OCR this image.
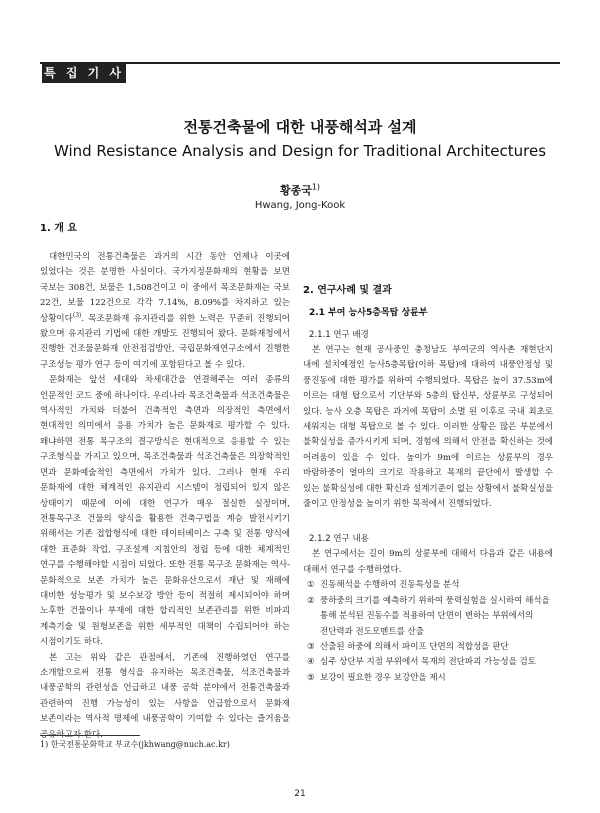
특 집 기 사
전통건축물에 대한 내풍해석과 설계
Wind Resistance Analysis and Design for Traditional Architectures
황종국$^{1)}$
Hwang, Jong-Kook
1. 개 요

대한민국의 전통건축물은 과거의 시간 동안 언제나 이곳에 있었다는 것은 분명한 사실이다. 국가지정문화재의 현황을 보면 국보는 308건, 보물은 1,508건이고 이 중에서 목조문화재는 국보 22건, 보물 122건으로 각각 7.14%, 8.09%를 차지하고 있는 상황이다$^{(3)}$. 목조문화재 유지관리를 위한 노력은 꾸준히 진행되어 왔으며 유지관리 기법에 대한 개발도 진행되어 왔다. 문화재청에서 진행한 건조물문화재 안전점검방안, 국립문화재연구소에서 진행한 구조성능 평가 연구 등이 여기에 포함된다고 볼 수 있다.

문화재는 앞선 세대와 차세대간을 연결해주는 여러 종류의 인문적인 코드 중에 하나이다. 우리나라 목조건축물과 석조건축물은 역사적인 가치와 더불어 건축적인 측면과 의장적인 측면에서 현대적인 의미에서 응용 가치가 높은 문화재로 평가할 수 있다. 왜냐하면 전통 목구조의 결구방식은 현대적으로 응용할 수 있는 구조형식을 가지고 있으며, 목조건축물과 석조건축물은 의장학적인 면과 문화예술적인 측면에서 가치가 있다. 그러나 현재 우리 문화재에 대한 체계적인 유지관리 시스템이 정립되어 있지 않은 상태이기 때문에 이에 대한 연구가 매우 절실한 실정이며, 전통목구조 건물의 양식을 활용한 건축구법을 계승 발전시키기 위해서는 기존 접합형식에 대한 데이터베이스 구축 및 전통 양식에 대한 표준화 작업, 구조설계 지침안의 정립 등에 대한 체계적인 연구를 수행해야할 시점이 되었다. 또한 전통 목구조 문화재는 역사-문화적으로 보존 가치가 높은 문화유산으로서 재난 및 재해에 대비한 성능평가 및 보수보강 방안 등이 적절히 제시되어야 하며 노후한 건물이나 부재에 대한 합리적인 보존관리를 위한 비파괴 계측기술 및 원형보존을 위한 세부적인 대책이 수립되어야 하는 시점이기도 하다.

본 고는 위와 같은 관점에서, 기존에 진행하였던 연구를 소개함으로써 전통 형식을 유지하는 목조건축물, 석조건축물과 내풍공학의 관련성을 언급하고 내풍 공학 분야에서 전통건축물과 관련하여 진행 가능성이 있는 사항을 언급함으로서 문화재 보존이라는 역사적 명제에 내풍공학이 기여할 수 있다는 즐거움을

2. 연구사례 및 결과
2.1 부여 능사5층목탑 상륜부
2.1.1 연구 배경

본 연구는 현재 공사중인 충청남도 부여군의 역사촌 재현단지 내에 설치예정인 능사5층목탑(이하 목탑)에 대하여 내풍안정성 및 풍진동에 대한 평가를 위하여 수행되었다. 목탑은 높이 37.53m에 이르는 대형 탑으로서 기단부와 5층의 탑신부, 상륜부로 구성되어 있다. 능사 오층 목탑은 과거에 목탑이 소멸 된 이후로 국내 최초로 세워지는 대형 목탑으로 볼 수 있다. 이러한 상황은 많은 부분에서 불확실성을 증가시키게 되며, 경험에 의해서 안전을 확신하는 것에 어려움이 있을 수 있다. 높이가 9m에 이르는 상륜부의 경우 바람하중이 얼마의 크기로 작용하고 목재의 끝단에서 발생할 수 있는 불확실성에 대한 확신과 설계기준이 없는 상황에서 불확실성을 줄이고 안정성을 높이기 위한 목적에서 진행되었다.

2.1.2 연구 내용

본 연구에서는 길이 9m의 상륜부에 대해서 다음과 같은 내용에 대해서 연구를 수행하였다.

① 진동해석을 수행하여 진동특성을 분석
② 풍하중의 크기를 예측하기 위하여 풍력실험을 실시하여 해석을 통해 분석된 진동수를 적용하여 단면이 변하는 부위에서의 전단력과 전도모멘트를 산출
③ 산출된 하중에 의해서 파이프 단면의 적합성을 판단
④ 심주 상단부 지점 부위에서 목재의 전단파괴 가능성을 검토
⑤ 보강이 필요한 경우 보강안을 제시
1) 한국전통문화학교 부교수(jkhwang@nuch.ac.kr)
21
